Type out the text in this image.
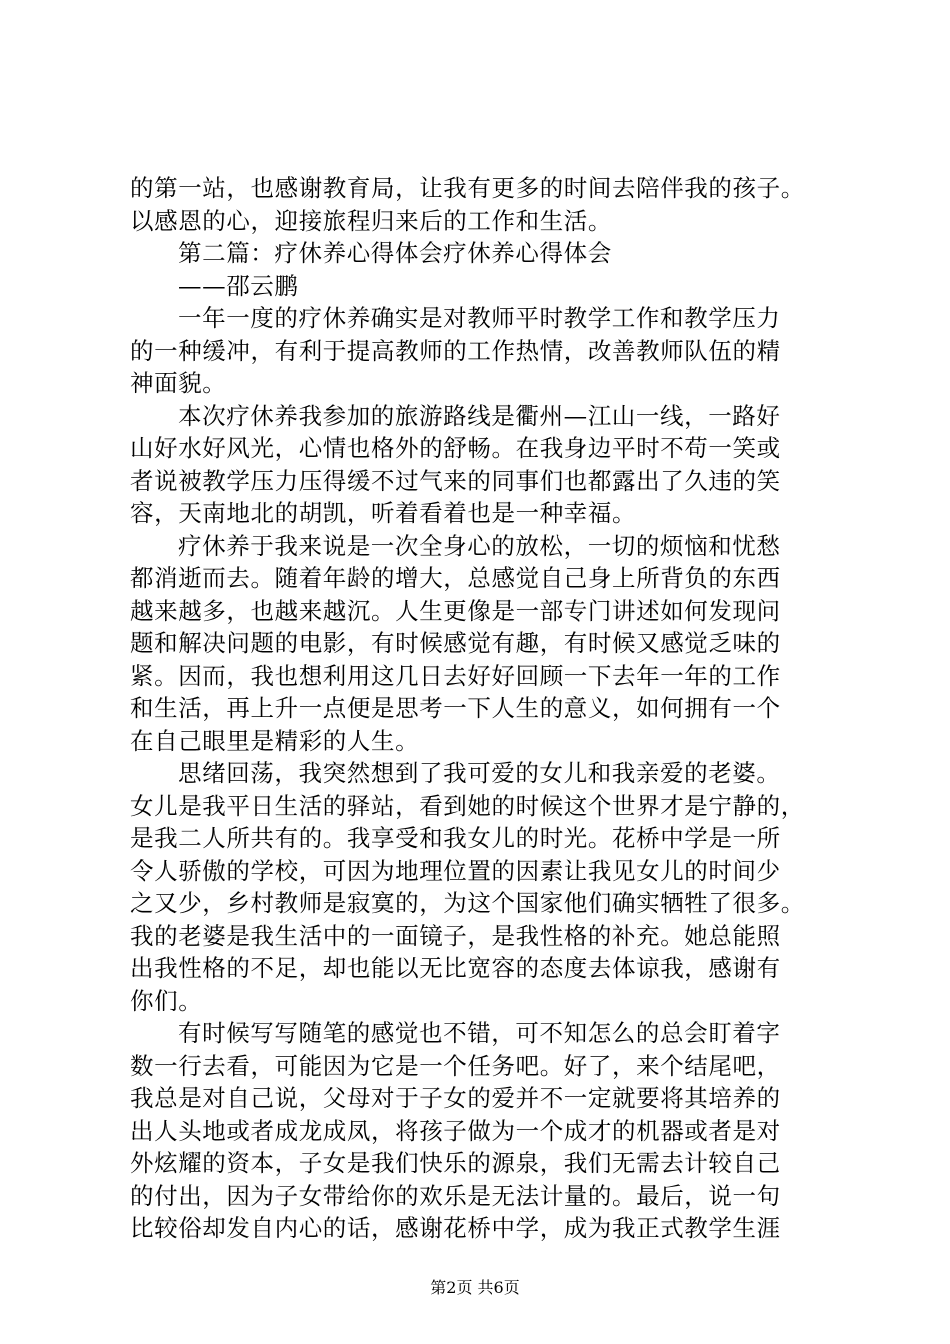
的第一站，也感谢教育局，让我有更多的时间去陪伴我的孩子。
以感恩的心，迎接旅程归来后的工作和生活。
第二篇：疗休养心得体会疗休养心得体会
——邵云鹏
一年一度的疗休养确实是对教师平时教学工作和教学压力
的一种缓冲，有利于提高教师的工作热情，改善教师队伍的精
神面貌。
本次疗休养我参加的旅游路线是衢州—江山一线，一路好
山好水好风光，心情也格外的舒畅。在我身边平时不苟一笑或
者说被教学压力压得缓不过气来的同事们也都露出了久违的笑
容，天南地北的胡凯，听着看着也是一种幸福。
疗休养于我来说是一次全身心的放松，一切的烦恼和忧愁
都消逝而去。随着年龄的增大，总感觉自己身上所背负的东西
越来越多，也越来越沉。人生更像是一部专门讲述如何发现问
题和解决问题的电影，有时候感觉有趣，有时候又感觉乏味的
紧。因而，我也想利用这几日去好好回顾一下去年一年的工作
和生活，再上升一点便是思考一下人生的意义，如何拥有一个
在自己眼里是精彩的人生。
思绪回荡，我突然想到了我可爱的女儿和我亲爱的老婆。
女儿是我平日生活的驿站，看到她的时候这个世界才是宁静的，
是我二人所共有的。我享受和我女儿的时光。花桥中学是一所
令人骄傲的学校，可因为地理位置的因素让我见女儿的时间少
之又少，乡村教师是寂寞的，为这个国家他们确实牺牲了很多。
我的老婆是我生活中的一面镜子，是我性格的补充。她总能照
出我性格的不足，却也能以无比宽容的态度去体谅我，感谢有
你们。
有时候写写随笔的感觉也不错，可不知怎么的总会盯着字
数一行去看，可能因为它是一个任务吧。好了，来个结尾吧，
我总是对自己说，父母对于子女的爱并不一定就要将其培养的
出人头地或者成龙成凤，将孩子做为一个成才的机器或者是对
外炫耀的资本，子女是我们快乐的源泉，我们无需去计较自己
的付出，因为子女带给你的欢乐是无法计量的。最后，说一句
比较俗却发自内心的话，感谢花桥中学，成为我正式教学生涯
第2页 共6页
